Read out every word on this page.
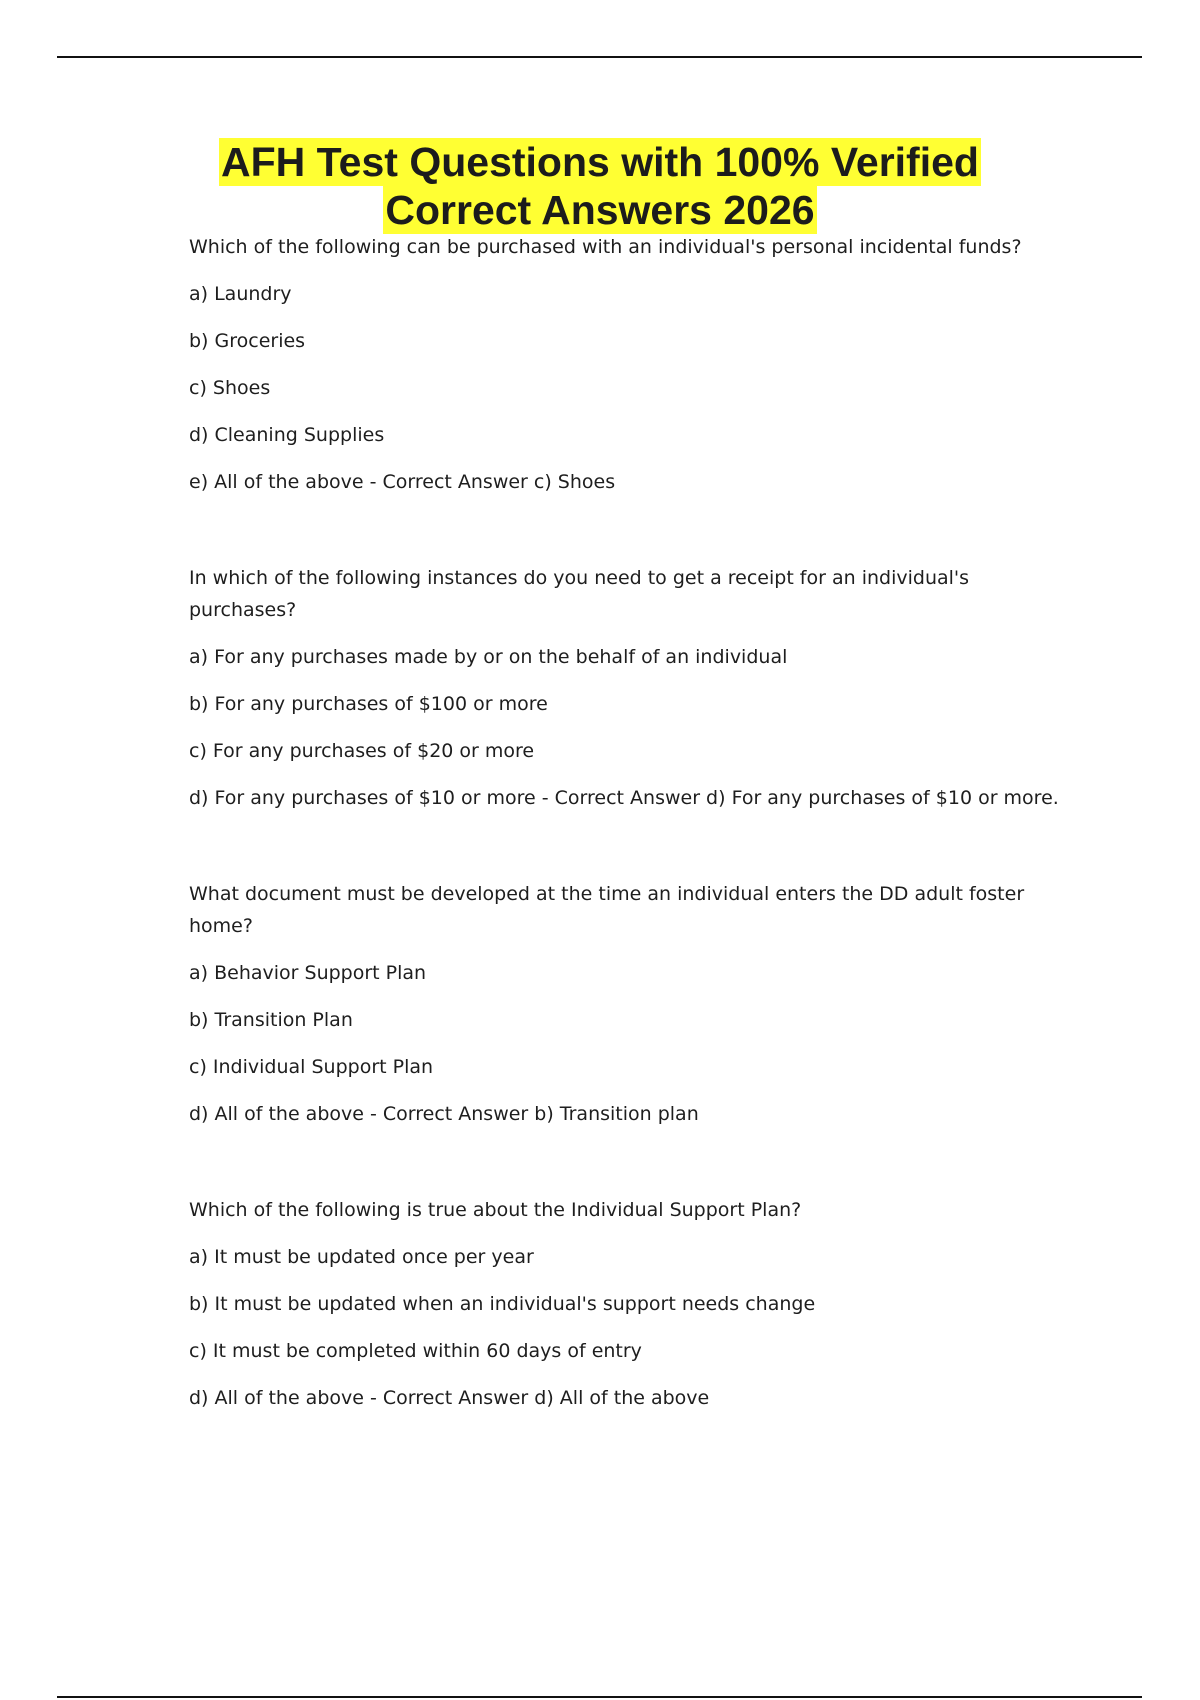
AFH Test Questions with 100% Verified
Correct Answers 2026
Which of the following can be purchased with an individual's personal incidental funds?
a) Laundry
b) Groceries
c) Shoes
d) Cleaning Supplies
e) All of the above - Correct Answer c) Shoes
In which of the following instances do you need to get a receipt for an individual's purchases?
a) For any purchases made by or on the behalf of an individual
b) For any purchases of $100 or more
c) For any purchases of $20 or more
d) For any purchases of $10 or more - Correct Answer d) For any purchases of $10 or more.
What document must be developed at the time an individual enters the DD adult foster home?
a) Behavior Support Plan
b) Transition Plan
c) Individual Support Plan
d) All of the above - Correct Answer b) Transition plan
Which of the following is true about the Individual Support Plan?
a) It must be updated once per year
b) It must be updated when an individual's support needs change
c) It must be completed within 60 days of entry
d) All of the above - Correct Answer d) All of the above
